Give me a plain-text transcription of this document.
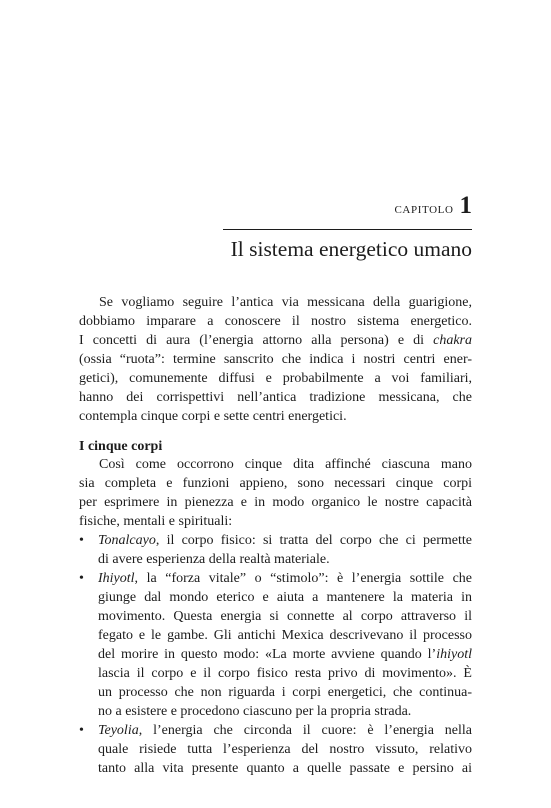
CAPITOLO 1
Il sistema energetico umano
Se vogliamo seguire l’antica via messicana della guarigione,
dobbiamo imparare a conoscere il nostro sistema energetico.
I concetti di aura (l’energia attorno alla persona) e di chakra
(ossia “ruota”: termine sanscrito che indica i nostri centri ener-
getici), comunemente diffusi e probabilmente a voi familiari,
hanno dei corrispettivi nell’antica tradizione messicana, che
contempla cinque corpi e sette centri energetici.
I cinque corpi
Così come occorrono cinque dita affinché ciascuna mano
sia completa e funzioni appieno, sono necessari cinque corpi
per esprimere in pienezza e in modo organico le nostre capacità
fisiche, mentali e spirituali:
•	Tonalcayo, il corpo fisico: si tratta del corpo che ci permette
di avere esperienza della realtà materiale.
•	Ihiyotl, la “forza vitale” o “stimolo”: è l’energia sottile che
giunge dal mondo eterico e aiuta a mantenere la materia in
movimento. Questa energia si connette al corpo attraverso il
fegato e le gambe. Gli antichi Mexica descrivevano il processo
del morire in questo modo: «La morte avviene quando l’ihiyotl
lascia il corpo e il corpo fisico resta privo di movimento». È
un processo che non riguarda i corpi energetici, che continua-
no a esistere e procedono ciascuno per la propria strada.
•	Teyolia, l’energia che circonda il cuore: è l’energia nella
quale risiede tutta l’esperienza del nostro vissuto, relativo
tanto alla vita presente quanto a quelle passate e persino ai
